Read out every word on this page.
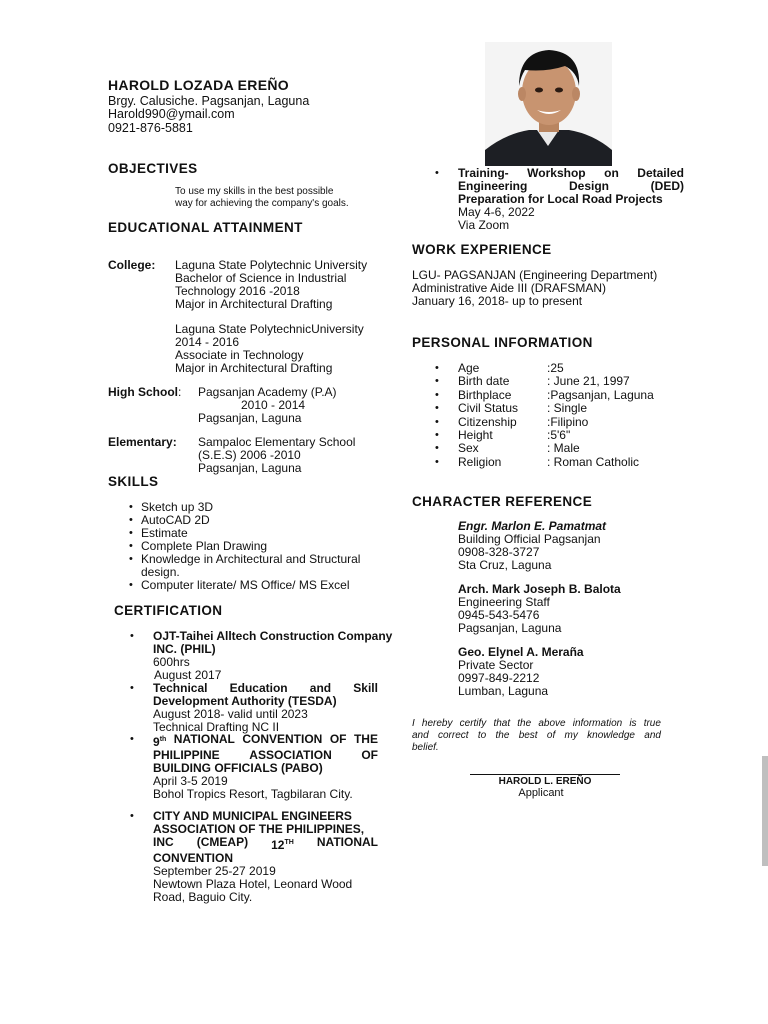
HAROLD LOZADA EREÑO
Brgy. Calusiche. Pagsanjan, Laguna
Harold990@ymail.com
0921-876-5881
OBJECTIVES
To use my skills in the best possible
way for achieving the company's goals.
EDUCATIONAL ATTAINMENT
College: Laguna State Polytechnic University
Bachelor of Science in Industrial
Technology 2016 -2018
Major in Architectural Drafting
Laguna State PolytechnicUniversity
2014 - 2016
Associate in Technology
Major in Architectural Drafting
High School: Pagsanjan Academy (P.A)
2010 - 2014
Pagsanjan, Laguna
Elementary: Sampaloc Elementary School
(S.E.S) 2006 -2010
Pagsanjan, Laguna
SKILLS
• Sketch up 3D
• AutoCAD 2D
• Estimate
• Complete Plan Drawing
• Knowledge in Architectural and Structural
design.
• Computer literate/ MS Office/ MS Excel
CERTIFICATION
• OJT-Taihei Alltech Construction Company
INC. (PHIL)
600hrs
August 2017
• Technical Education and Skill
Development Authority (TESDA)
August 2018- valid until 2023
Technical Drafting NC II
• 9th NATIONAL CONVENTION OF THE
PHILIPPINE ASSOCIATION OF
BUILDING OFFICIALS (PABO)
April 3-5 2019
Bohol Tropics Resort, Tagbilaran City.
• CITY AND MUNICIPAL ENGINEERS
ASSOCIATION OF THE PHILIPPINES,
INC (CMEAP) 12TH NATIONAL
CONVENTION
September 25-27 2019
Newtown Plaza Hotel, Leonard Wood
Road, Baguio City.
• Training- Workshop on Detailed
Engineering	Design	(DED)
Preparation for Local Road Projects
May 4-6, 2022
Via Zoom
WORK EXPERIENCE
LGU- PAGSANJAN (Engineering Department)
Administrative Aide III (DRAFSMAN)
January 16, 2018- up to present
PERSONAL INFORMATION
• Age	:25
• Birth date	: June 21, 1997
• Birthplace	:Pagsanjan, Laguna
• Civil Status : Single
• Citizenship	:Filipino
• Height	:5'6"
• Sex	: Male
• Religion	: Roman Catholic
CHARACTER REFERENCE
Engr. Marlon E. Pamatmat
Building Official Pagsanjan
0908-328-3727
Sta Cruz, Laguna
Arch. Mark Joseph B. Balota
Engineering Staff
0945-543-5476
Pagsanjan, Laguna
Geo. Elynel A. Meraña
Private Sector
0997-849-2212
Lumban, Laguna
I hereby certify that the above information is true
and correct to the best of my knowledge and
belief.
HAROLD L. EREÑO
Applicant
